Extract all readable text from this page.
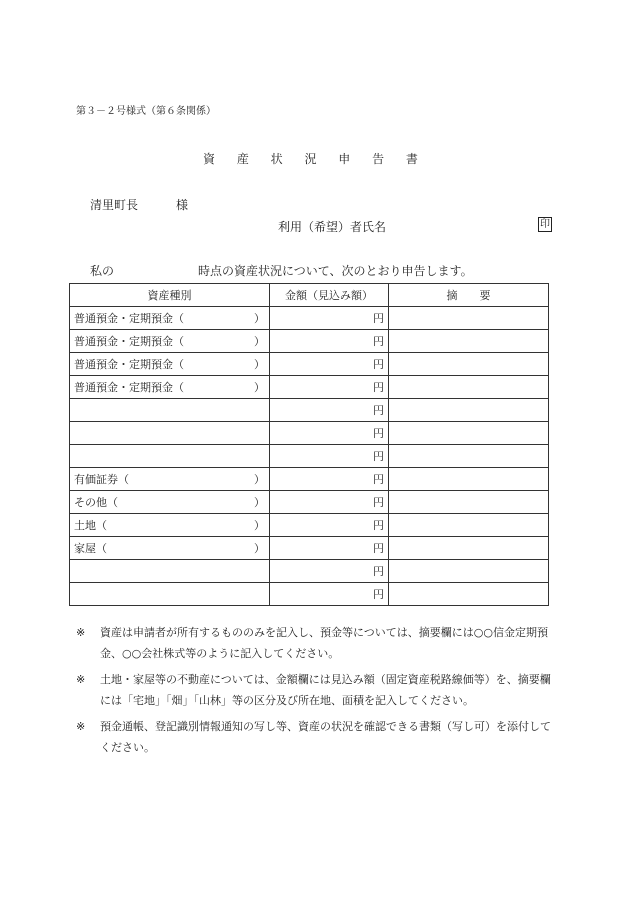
第３－２号様式（第６条関係）
資 産 状 況 申 告 書
清里町長	様
利用（希望）者氏名	印
私の	時点の資産状況について、次のとおり申告します。
資産種別	金額（見込み額）	摘　　要

普通預金・定期預金（ ）	円	

普通預金・定期預金（ ）	円	

普通預金・定期預金（ ）	円	

普通預金・定期預金（ ）	円	

	円	

	円	

	円	

有価証券（ ）	円	

その他（ ）	円	

土地（ ）	円	

家屋（ ）	円	

	円	

	円	
※	資産は申請者が所有するもののみを記入し、預金等については、摘要欄には○○信金定期預金、○○会社株式等のように記入してください。
※	土地・家屋等の不動産については、金額欄には見込み額（固定資産税路線価等）を、摘要欄には「宅地」「畑」「山林」等の区分及び所在地、面積を記入してください。
※	預金通帳、登記識別情報通知の写し等、資産の状況を確認できる書類（写し可）を添付してください。
